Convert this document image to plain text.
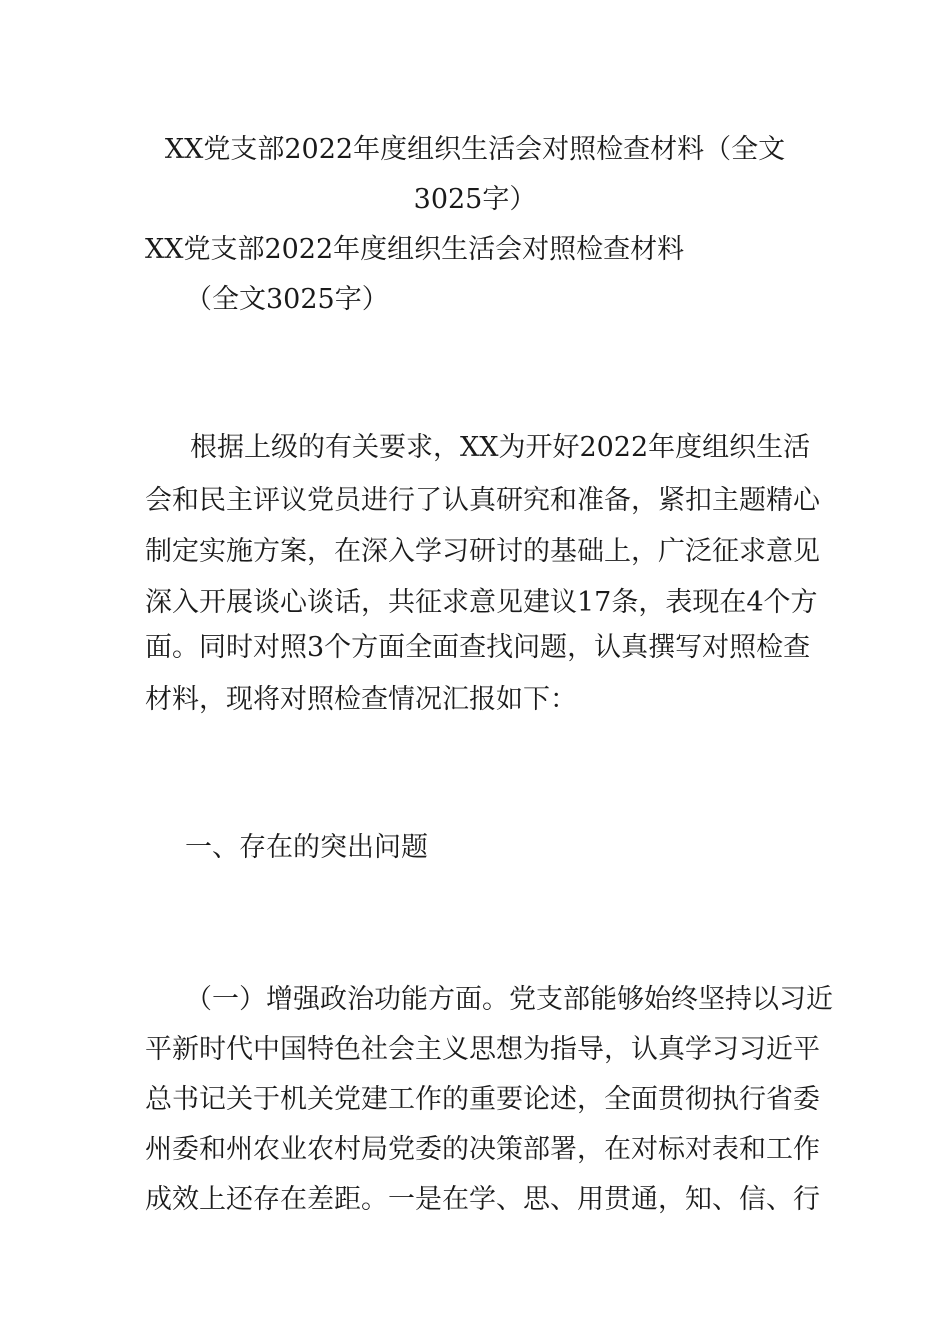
XX党支部2022年度组织生活会对照检查材料（全文
3025字）
XX党支部2022年度组织生活会对照检查材料
（全文3025字）
根据上级的有关要求，XX为开好2022年度组织生活
会和民主评议党员进行了认真研究和准备，紧扣主题精心
制定实施方案，在深入学习研讨的基础上，广泛征求意见
深入开展谈心谈话，共征求意见建议17条，表现在4个方
面。同时对照3个方面全面查找问题，认真撰写对照检查
材料，现将对照检查情况汇报如下：
一、存在的突出问题
（一）增强政治功能方面。党支部能够始终坚持以习近
平新时代中国特色社会主义思想为指导，认真学习习近平
总书记关于机关党建工作的重要论述，全面贯彻执行省委
州委和州农业农村局党委的决策部署，在对标对表和工作
成效上还存在差距。一是在学、思、用贯通，知、信、行
